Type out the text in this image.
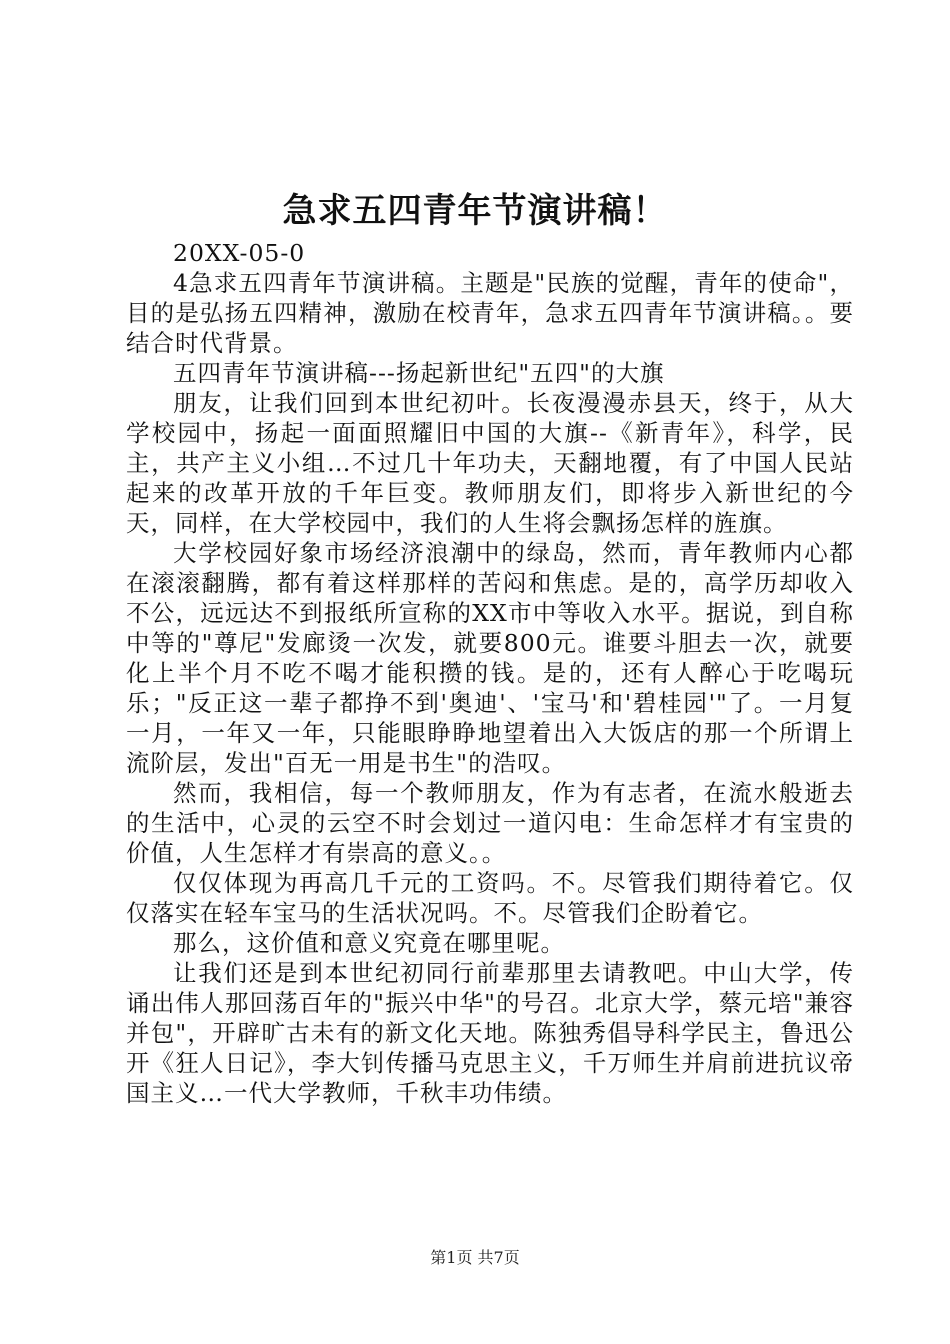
急求五四青年节演讲稿！

20XX-05-0

4急求五四青年节演讲稿。主题是"民族的觉醒，青年的使命"，目的是弘扬五四精神，激励在校青年，急求五四青年节演讲稿。。要结合时代背景。

五四青年节演讲稿---扬起新世纪"五四"的大旗

朋友，让我们回到本世纪初叶。长夜漫漫赤县天，终于，从大学校园中，扬起一面面照耀旧中国的大旗--《新青年》，科学，民主，共产主义小组…不过几十年功夫，天翻地覆，有了中国人民站起来的改革开放的千年巨变。教师朋友们，即将步入新世纪的今天，同样，在大学校园中，我们的人生将会飘扬怎样的旌旗。

大学校园好象市场经济浪潮中的绿岛，然而，青年教师内心都在滚滚翻腾，都有着这样那样的苦闷和焦虑。是的，高学历却收入不公，远远达不到报纸所宣称的XX市中等收入水平。据说，到自称中等的"尊尼"发廊烫一次发，就要800元。谁要斗胆去一次，就要化上半个月不吃不喝才能积攒的钱。是的，还有人醉心于吃喝玩乐；"反正这一辈子都挣不到'奥迪'、'宝马'和'碧桂园'"了。一月复一月，一年又一年，只能眼睁睁地望着出入大饭店的那一个所谓上流阶层，发出"百无一用是书生"的浩叹。

然而，我相信，每一个教师朋友，作为有志者，在流水般逝去的生活中，心灵的云空不时会划过一道闪电：生命怎样才有宝贵的价值，人生怎样才有崇高的意义。。

仅仅体现为再高几千元的工资吗。不。尽管我们期待着它。仅仅落实在轻车宝马的生活状况吗。不。尽管我们企盼着它。

那么，这价值和意义究竟在哪里呢。

让我们还是到本世纪初同行前辈那里去请教吧。中山大学，传诵出伟人那回荡百年的"振兴中华"的号召。北京大学，蔡元培"兼容并包"，开辟旷古未有的新文化天地。陈独秀倡导科学民主，鲁迅公开《狂人日记》，李大钊传播马克思主义，千万师生并肩前进抗议帝国主义…一代大学教师，千秋丰功伟绩。

第1页 共7页
